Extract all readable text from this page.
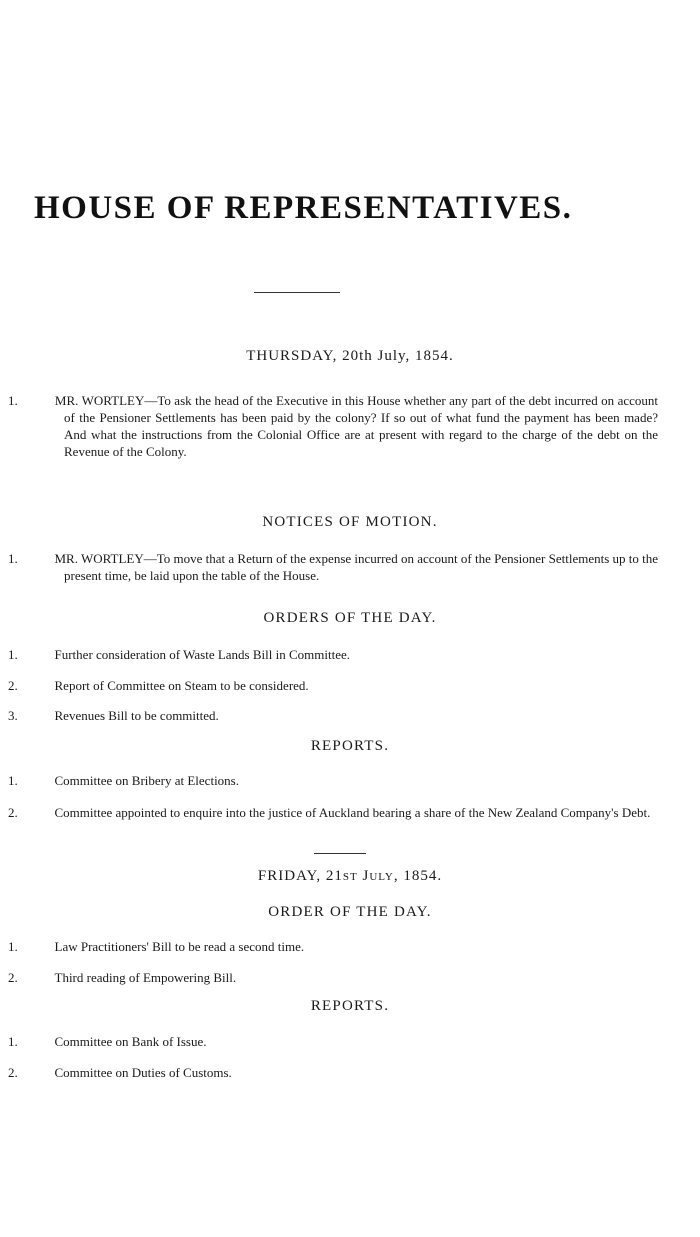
HOUSE OF REPRESENTATIVES.

THURSDAY, 20th July, 1854.

1.	MR. WORTLEY—To ask the head of the Executive in this House whether any part of the debt incurred on account of the Pensioner Settlements has been paid by the colony? If so out of what fund the payment has been made? And what the instructions from the Colonial Office are at present with regard to the charge of the debt on the Revenue of the Colony.

NOTICES OF MOTION.

1.	MR. WORTLEY—To move that a Return of the expense incurred on account of the Pensioner Settlements up to the present time, be laid upon the table of the House.

ORDERS OF THE DAY.

1.	Further consideration of Waste Lands Bill in Committee.
2.	Report of Committee on Steam to be considered.
3.	Revenues Bill to be committed.

REPORTS.

1.	Committee on Bribery at Elections.
2.	Committee appointed to enquire into the justice of Auckland bearing a share of the New Zealand Company's Debt.

FRIDAY, 21st July, 1854.

ORDER OF THE DAY.

1.	Law Practitioners' Bill to be read a second time.
2.	Third reading of Empowering Bill.

REPORTS.

1.	Committee on Bank of Issue.
2.	Committee on Duties of Customs.
